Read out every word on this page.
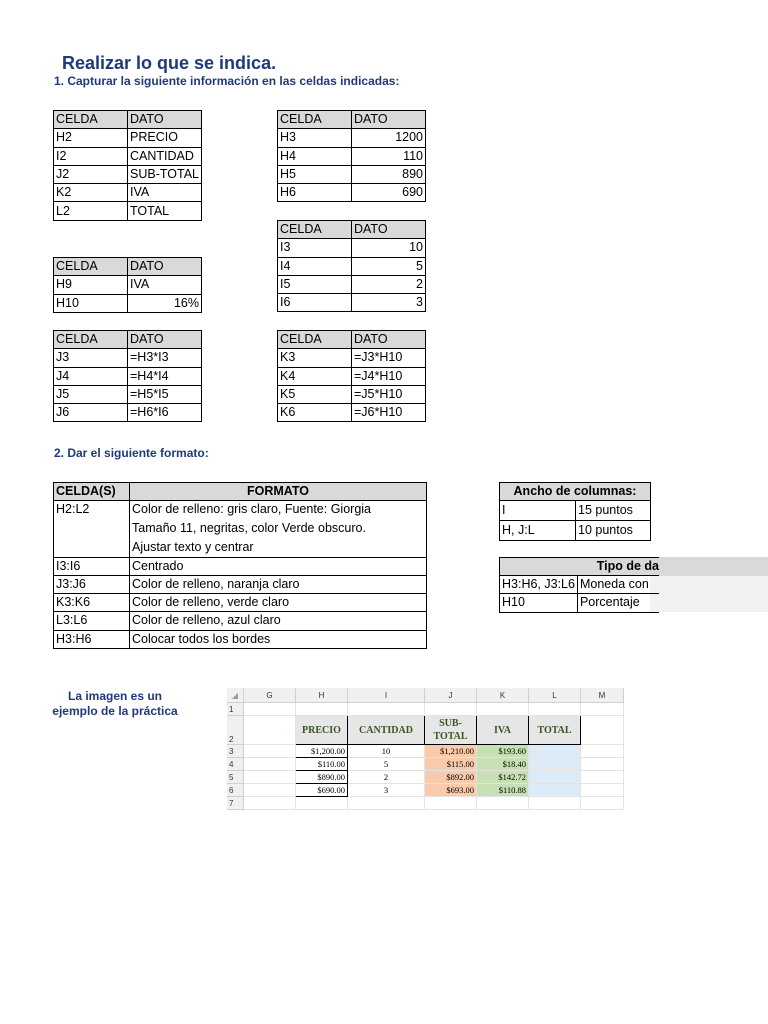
Realizar lo que se indica.
1. Capturar la siguiente información en las celdas indicadas:
CELDA	DATO
H2	PRECIO
I2	CANTIDAD
J2	SUB-TOTAL
K2	IVA
L2	TOTAL
CELDA	DATO
H3	1200
H4	110
H5	890
H6	690
CELDA	DATO
I3	10
I4	5
I5	2
I6	3
CELDA	DATO
H9	IVA
H10	16%
CELDA	DATO
J3	=H3*I3
J4	=H4*I4
J5	=H5*I5
J6	=H6*I6
CELDA	DATO
K3	=J3*H10
K4	=J4*H10
K5	=J5*H10
K6	=J6*H10
2. Dar el siguiente formato:
CELDA(S)	FORMATO
H2:L2	Color de relleno: gris claro, Fuente: Giorgia
	Tamaño 11, negritas, color Verde obscuro.
	Ajustar texto y centrar
I3:I6	Centrado
J3:J6	Color de relleno, naranja claro
K3:K6	Color de relleno, verde claro
L3:L6	Color de relleno, azul claro
H3:H6	Colocar todos los bordes
Ancho de columnas:	
I	15 puntos
H, J:L	10 puntos
Tipo de da	
H3:H6, J3:L6	Moneda con
H10	Porcentaje
La imagen es un ejemplo de la práctica
◢	G	H	I	J	K	L	M
1							
2		PRECIO	CANTIDAD	SUB-TOTAL	IVA	TOTAL	
3		$1,200.00	10	$1,210.00	$193.60		
4		$110.00	5	$115.00	$18.40		
5		$890.00	2	$892.00	$142.72		
6		$690.00	3	$693.00	$110.88		
7							
